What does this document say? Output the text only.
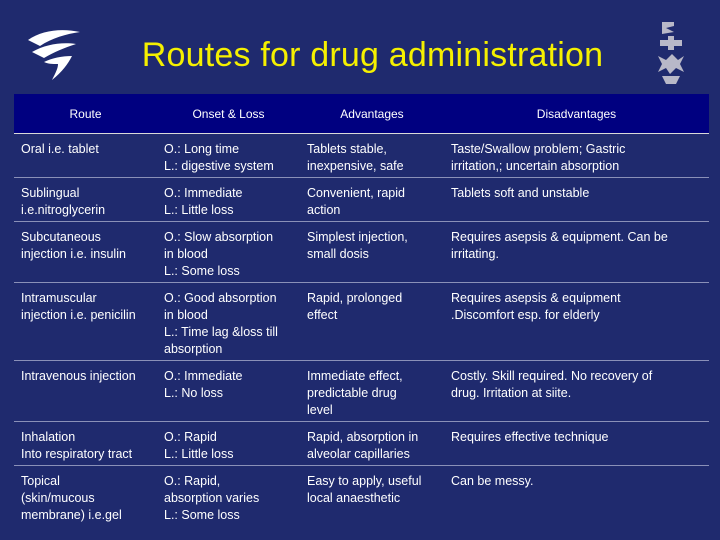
Routes for drug administration
Route	Onset & Loss	Advantages	Disadvantages

Oral i.e. tablet	O.: Long time
L.: digestive system	Tablets stable,
inexpensive, safe	Taste/Swallow problem; Gastric
irritation,; uncertain absorption

Sublingual
i.e.nitroglycerin	O.: Immediate
L.: Little loss	Convenient, rapid
action	Tablets soft and unstable

Subcutaneous
injection i.e. insulin	O.: Slow absorption
in blood
L.: Some loss	Simplest injection,
small dosis	Requires asepsis & equipment. Can be
irritating.

Intramuscular
injection i.e. penicilin	O.: Good absorption
in blood
L.: Time lag &loss till
absorption	Rapid, prolonged
effect	Requires asepsis & equipment
.Discomfort esp. for elderly

Intravenous injection	O.: Immediate
L.: No loss	Immediate effect,
predictable drug
level	Costly. Skill required. No recovery of
drug. Irritation at siite.

Inhalation
Into respiratory tract	O.: Rapid
L.: Little loss	Rapid, absorption in
alveolar capillaries	Requires effective technique

Topical
(skin/mucous
membrane) i.e.gel	O.: Rapid,
absorption varies
L.: Some loss	Easy to apply, useful
local anaesthetic	Can be messy.
